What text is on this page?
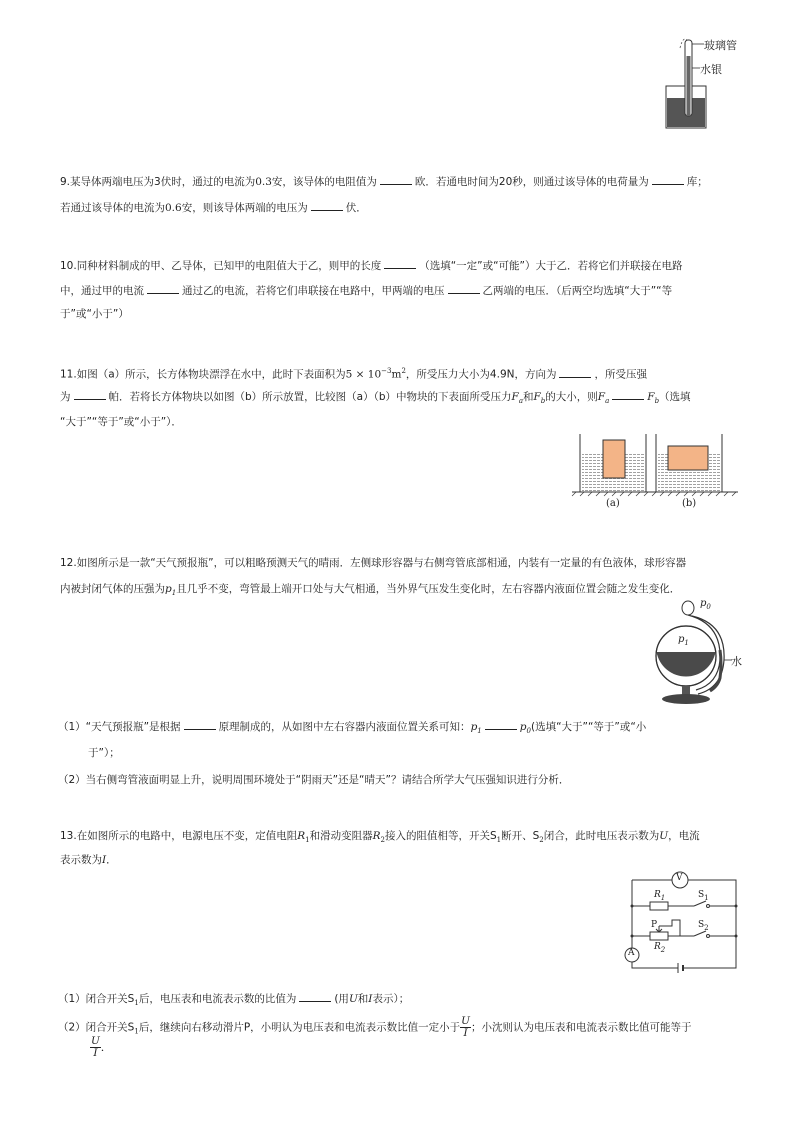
玻璃管
水银
9.某导体两端电压为3伏时，通过的电流为0.3安，该导体的电阻值为	欧．若通电时间为20秒，则通过该导体的电荷量为	库；
若通过该导体的电流为0.6安，则该导体两端的电压为	伏．
10.同种材料制成的甲、乙导体，已知甲的电阻值大于乙，则甲的长度	（选填“一定”或“可能”）大于乙．若将它们并联接在电路
中，通过甲的电流	通过乙的电流，若将它们串联接在电路中，甲两端的电压	乙两端的电压．（后两空均选填“大于”“等
于”或“小于”）
11.如图（a）所示，长方体物块漂浮在水中，此时下表面积为$5 \times 10^{-3}m^2$，所受压力大小为4.9N，方向为	，所受压强
为	帕．若将长方体物块以如图（b）所示放置，比较图（a）（b）中物块的下表面所受压力$F_a$和$F_b$的大小，则$F_a$	$F_b$（选填
“大于”“等于”或“小于”）．
(a)	(b)
12.如图所示是一款“天气预报瓶”，可以粗略预测天气的晴雨．左侧球形容器与右侧弯管底部相通，内装有一定量的有色液体，球形容器
内被封闭气体的压强为$p_1$且几乎不变，弯管最上端开口处与大气相通，当外界气压发生变化时，左右容器内液面位置会随之发生变化．
$p_0$
$p_1$
水
（1）“天气预报瓶”是根据	原理制成的，从如图中左右容器内液面位置关系可知：$p_1$	$p_0$(选填“大于”“等于”或“小
于”）；
（2）当右侧弯管液面明显上升，说明周围环境处于“阴雨天”还是“晴天”？请结合所学大气压强知识进行分析．
13.在如图所示的电路中，电源电压不变，定值电阻$R_1$和滑动变阻器$R_2$接入的阻值相等，开关$S_1$断开、$S_2$闭合，此时电压表示数为U，电流
表示数为I．
V
A
$R_1$	$S_1$
P	$S_2$
$R_2$
（1）闭合开关$S_1$后，电压表和电流表示数的比值为	(用U和I表示）；
（2）闭合开关$S_1$后，继续向右移动滑片P，小明认为电压表和电流表示数比值一定小于 $\frac{U}{I}$ ；小沈则认为电压表和电流表示数比值可能等于
$\frac{U}{I}$ ．
